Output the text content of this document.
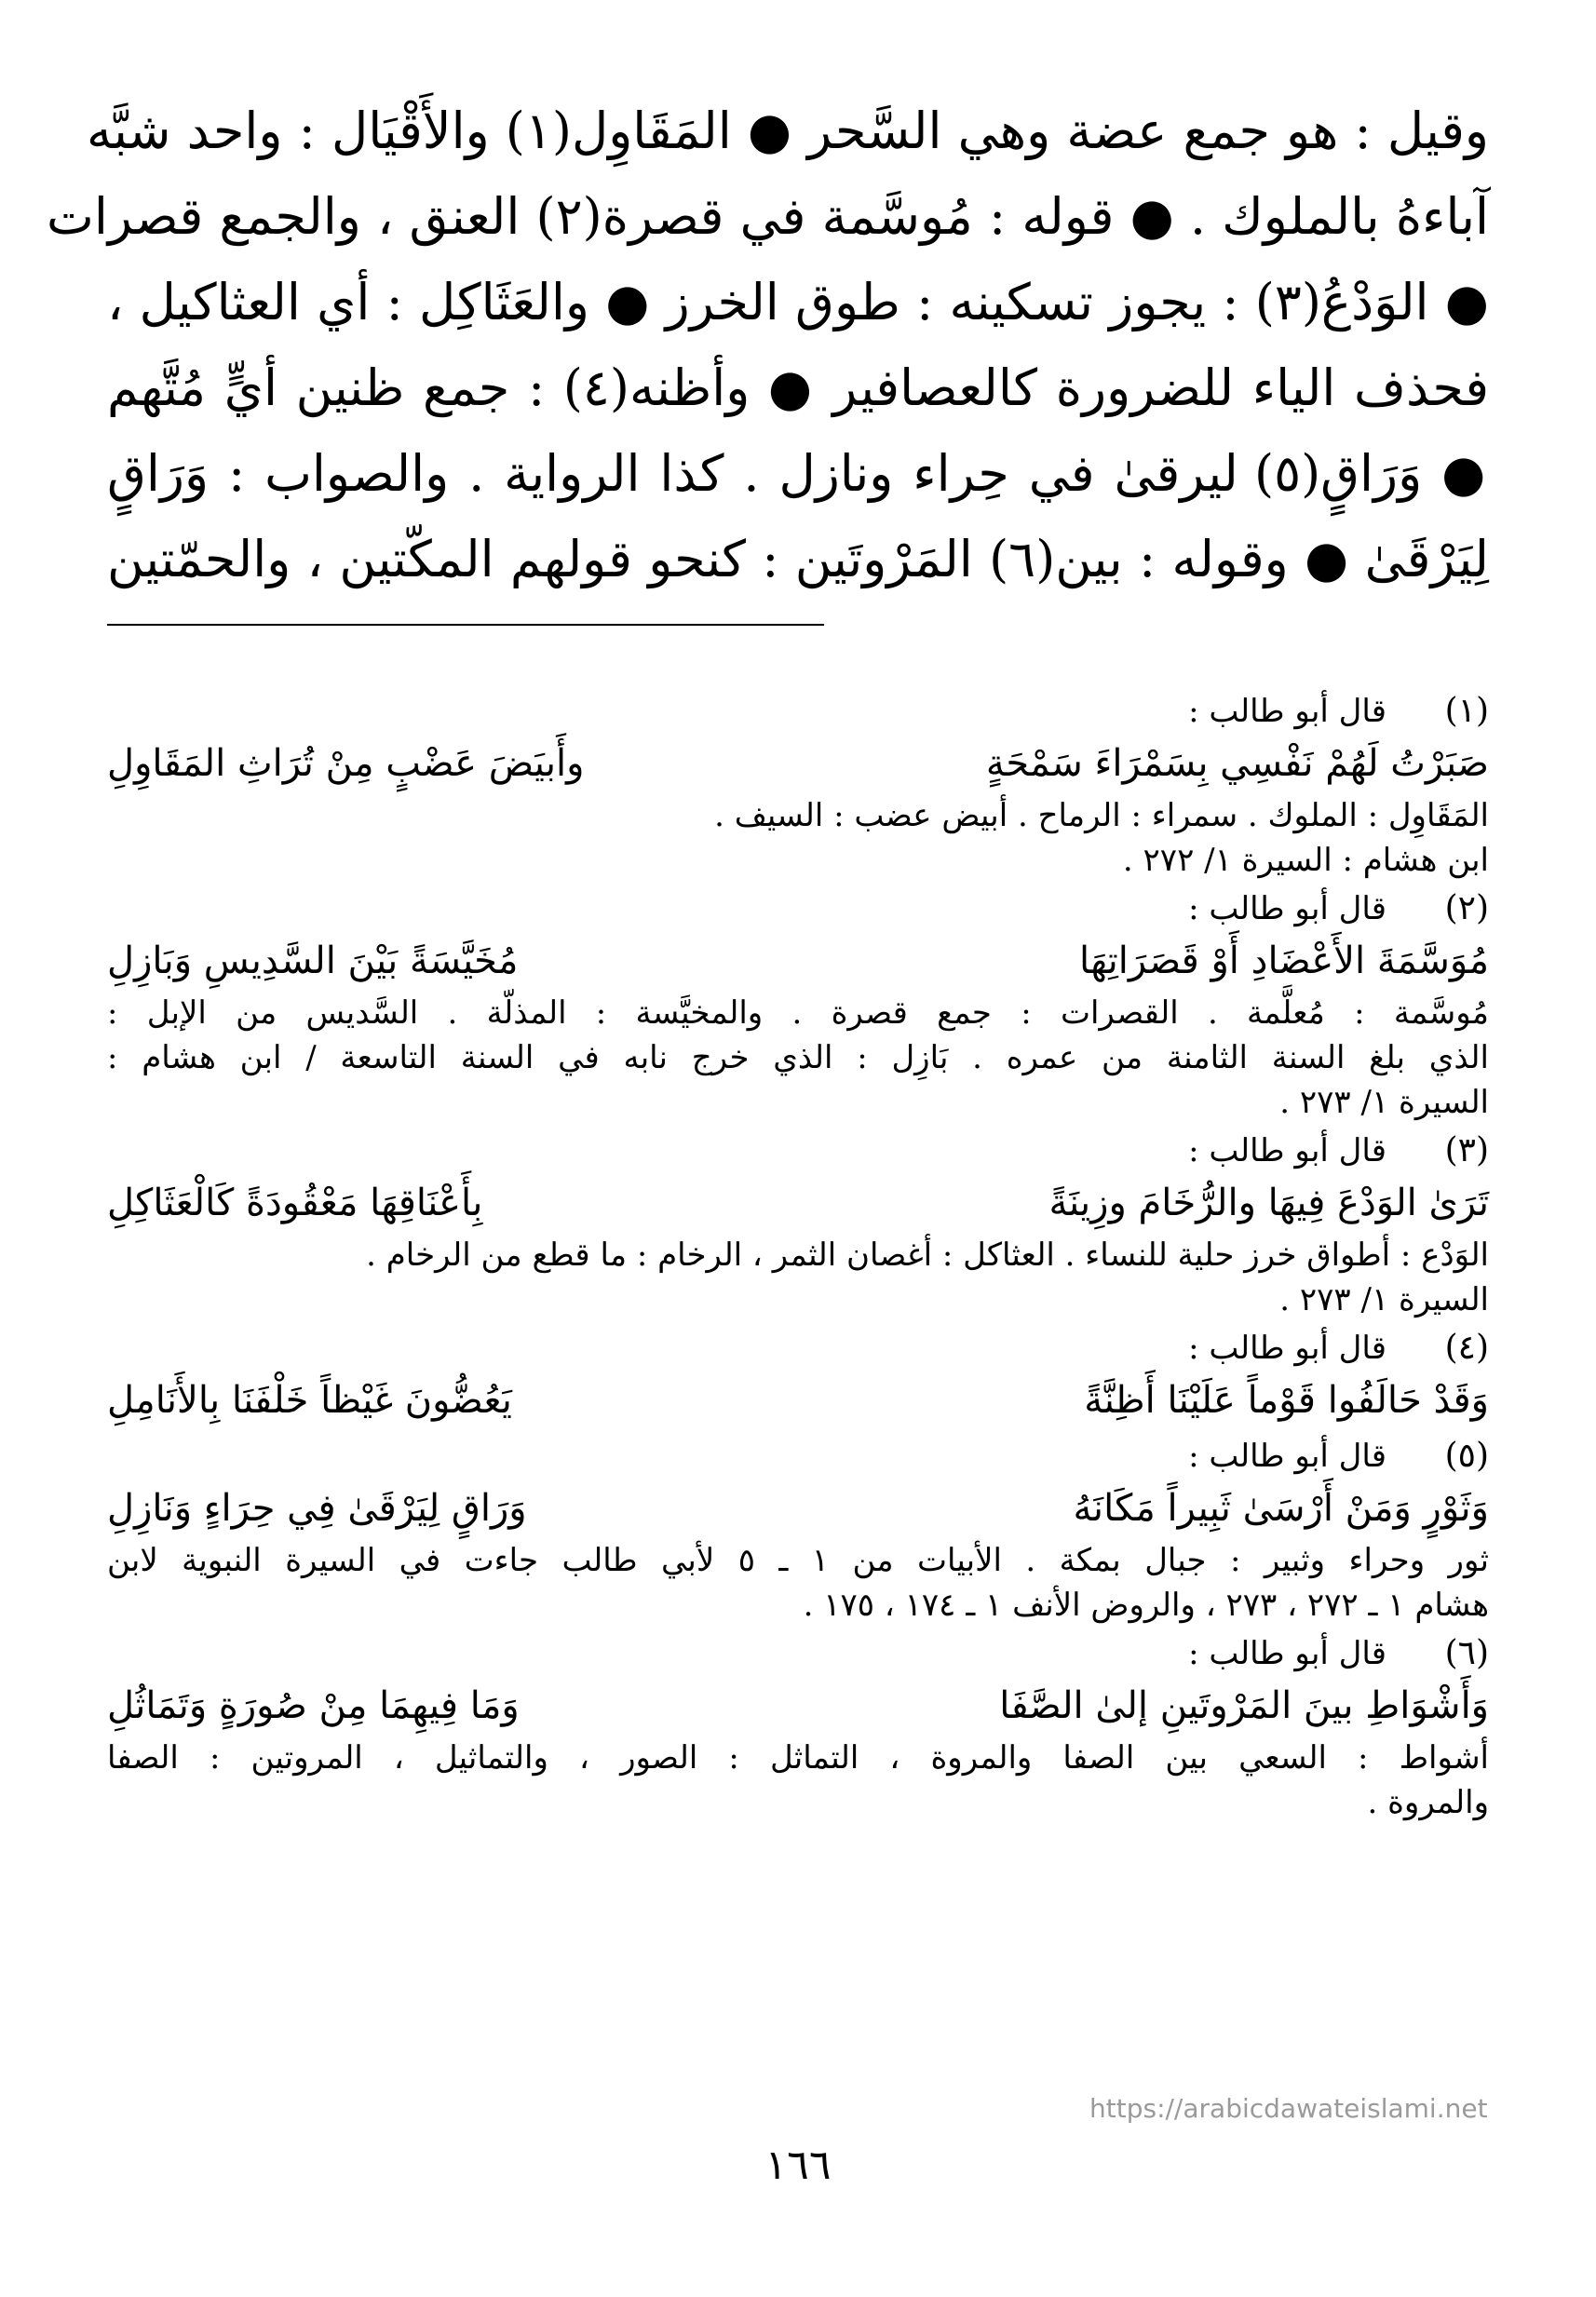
وقيل : هو جمع عضة وهي السَّحر ● المَقَاوِل(١) والأَقْيَال : واحد شبَّه
آباءهُ بالملوك . ● قوله : مُوسَّمة في قصرة(٢) العنق ، والجمع قصرات
● الوَدْعُ(٣) : يجوز تسكينه : طوق الخرز ● والعَثَاكِل : أي العثاكيل ،
فحذف الياء للضرورة كالعصافير ● وأظنه(٤) : جمع ظنين أيٍّ مُتَّهم
● وَرَاقٍ(٥) ليرقىٰ في حِراء ونازل . كذا الرواية . والصواب : وَرَاقٍ
لِيَرْقَىٰ ● وقوله : بين(٦) المَرْوتَين : كنحو قولهم المكّتين ، والحمّتين
(١)
قال أبو طالب :
صَبَرْتُ لَهُمْ نَفْسِي بِسَمْرَاءَ سَمْحَةٍ
وأَبيَضَ عَضْبٍ مِنْ تُرَاثِ المَقَاوِلِ
المَقَاوِل : الملوك . سمراء : الرماح . أبيض عضب : السيف .
ابن هشام : السيرة ١/ ٢٧٢ .
(٢)
قال أبو طالب :
مُوَسَّمَةَ الأَعْضَادِ أَوْ قَصَرَاتِهَا
مُخَيَّسَةً بَيْنَ السَّدِيسِ وَبَازِلِ
مُوسَّمة : مُعلَّمة . القصرات : جمع قصرة . والمخيَّسة : المذلّة . السَّديس من الإبل :
الذي بلغ السنة الثامنة من عمره . بَازِل : الذي خرج نابه في السنة التاسعة / ابن هشام :
السيرة ١/ ٢٧٣ .
(٣)
قال أبو طالب :
تَرَىٰ الوَدْعَ فِيهَا والرُّخَامَ وزِينَةً
بِأَعْنَاقِهَا مَعْقُودَةً كَالْعَثَاكِلِ
الوَدْع : أطواق خرز حلية للنساء . العثاكل : أغصان الثمر ، الرخام : ما قطع من الرخام .
السيرة ١/ ٢٧٣ .
(٤)
قال أبو طالب :
وَقَدْ حَالَفُوا قَوْماً عَلَيْنَا أَظِنَّةً
يَعُضُّونَ غَيْظاً خَلْفَنَا بِالأَنَامِلِ
(٥)
قال أبو طالب :
وَثَوْرٍ وَمَنْ أَرْسَىٰ ثَبِيراً مَكَانَهُ
وَرَاقٍ لِيَرْقَىٰ فِي حِرَاءٍ وَنَازِلِ
ثور وحراء وثبير : جبال بمكة . الأبيات من ١ ـ ٥ لأبي طالب جاءت في السيرة النبوية لابن
هشام ١ ـ ٢٧٢ ، ٢٧٣ ، والروض الأنف ١ ـ ١٧٤ ، ١٧٥ .
(٦)
قال أبو طالب :
وَأَشْوَاطِ بينَ المَرْوتَينِ إلىٰ الصَّفَا
وَمَا فِيهِمَا مِنْ صُورَةٍ وَتَمَاثُلِ
أشواط : السعي بين الصفا والمروة ، التماثل : الصور ، والتماثيل ، المروتين : الصفا
والمروة .
https://arabicdawateislami.net
١٦٦
